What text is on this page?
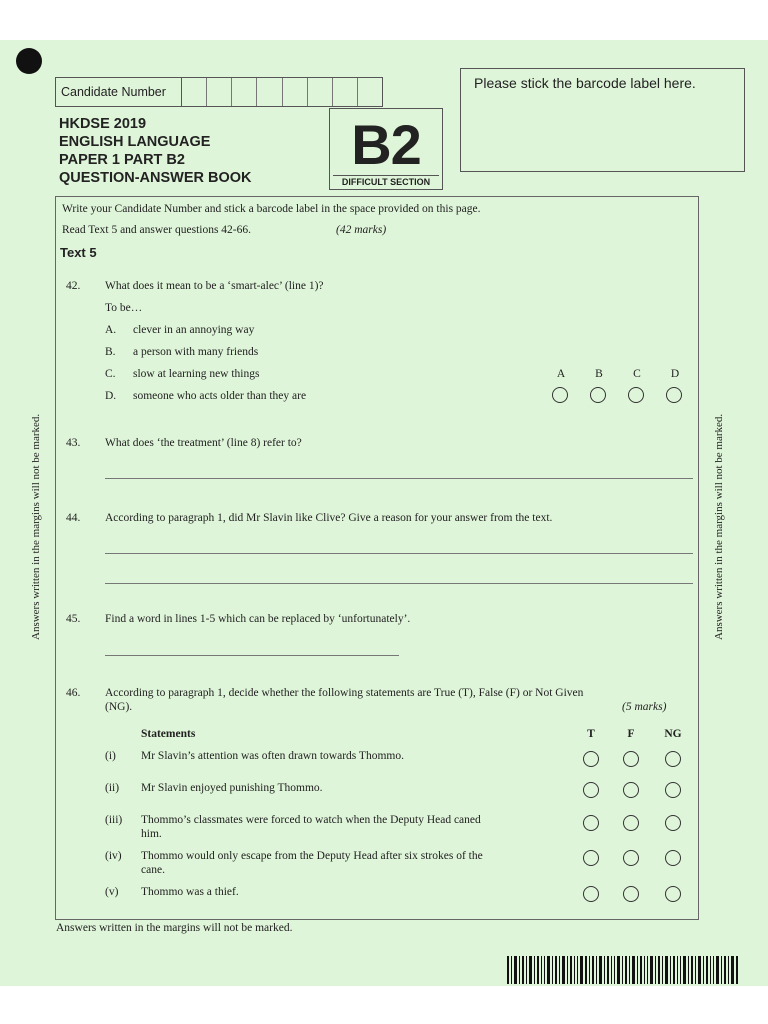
Candidate Number
HKDSE 2019
ENGLISH LANGUAGE
PAPER 1 PART B2
QUESTION-ANSWER BOOK
B2
DIFFICULT SECTION
Please stick the barcode label here.
Write your Candidate Number and stick a barcode label in the space provided on this page.
Read Text 5 and answer questions 42-66.	(42 marks)
Text 5
42. What does it mean to be a ‘smart-alec’ (line 1)?
To be…
A. clever in an annoying way
B. a person with many friends
C. slow at learning new things
D. someone who acts older than they are
A	B	C	D
43. What does ‘the treatment’ (line 8) refer to?
44. According to paragraph 1, did Mr Slavin like Clive? Give a reason for your answer from the text.
45. Find a word in lines 1-5 which can be replaced by ‘unfortunately’.
46. According to paragraph 1, decide whether the following statements are True (T), False (F) or Not Given
(NG).	(5 marks)
Statements	T	F	NG
(i) Mr Slavin’s attention was often drawn towards Thommo.
(ii) Mr Slavin enjoyed punishing Thommo.
(iii) Thommo’s classmates were forced to watch when the Deputy Head caned
him.
(iv) Thommo would only escape from the Deputy Head after six strokes of the
cane.
(v) Thommo was a thief.
Answers written in the margins will not be marked.	Answers written in the margins will not be marked.
Answers written in the margins will not be marked.
